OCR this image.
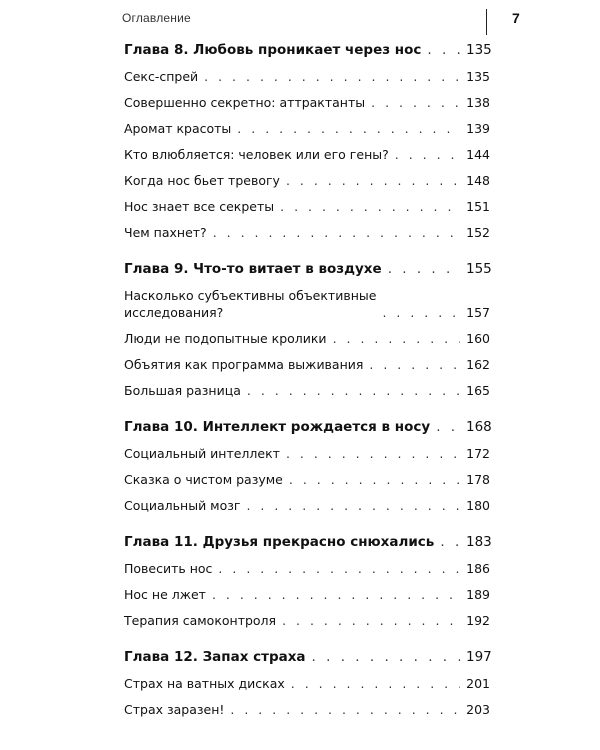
Оглавление	7
Глава 8. Любовь проникает через нос . . .	135
Секс-спрей . . .	135
Совершенно секретно: аттрактанты . . .	138
Аромат красоты . . .	139
Кто влюбляется: человек или его гены? . . .	144
Когда нос бьет тревогу . . .	148
Нос знает все секреты . . .	151
Чем пахнет? . . .	152
Глава 9. Что-то витает в воздухе . . .	155
Насколько субъективны объективные
исследования? . . .	157
Люди не подопытные кролики . . .	160
Объятия как программа выживания . . .	162
Большая разница . . .	165
Глава 10. Интеллект рождается в носу . . .	168
Социальный интеллект . . .	172
Сказка о чистом разуме . . .	178
Социальный мозг . . .	180
Глава 11. Друзья прекрасно снюхались . . . 183
Повесить нос . . .	186
Нос не лжет . . .	189
Терапия самоконтроля . . .	192
Глава 12. Запах страха . . .	197
Страх на ватных дисках . . .	201
Страх заразен! . . .	203
